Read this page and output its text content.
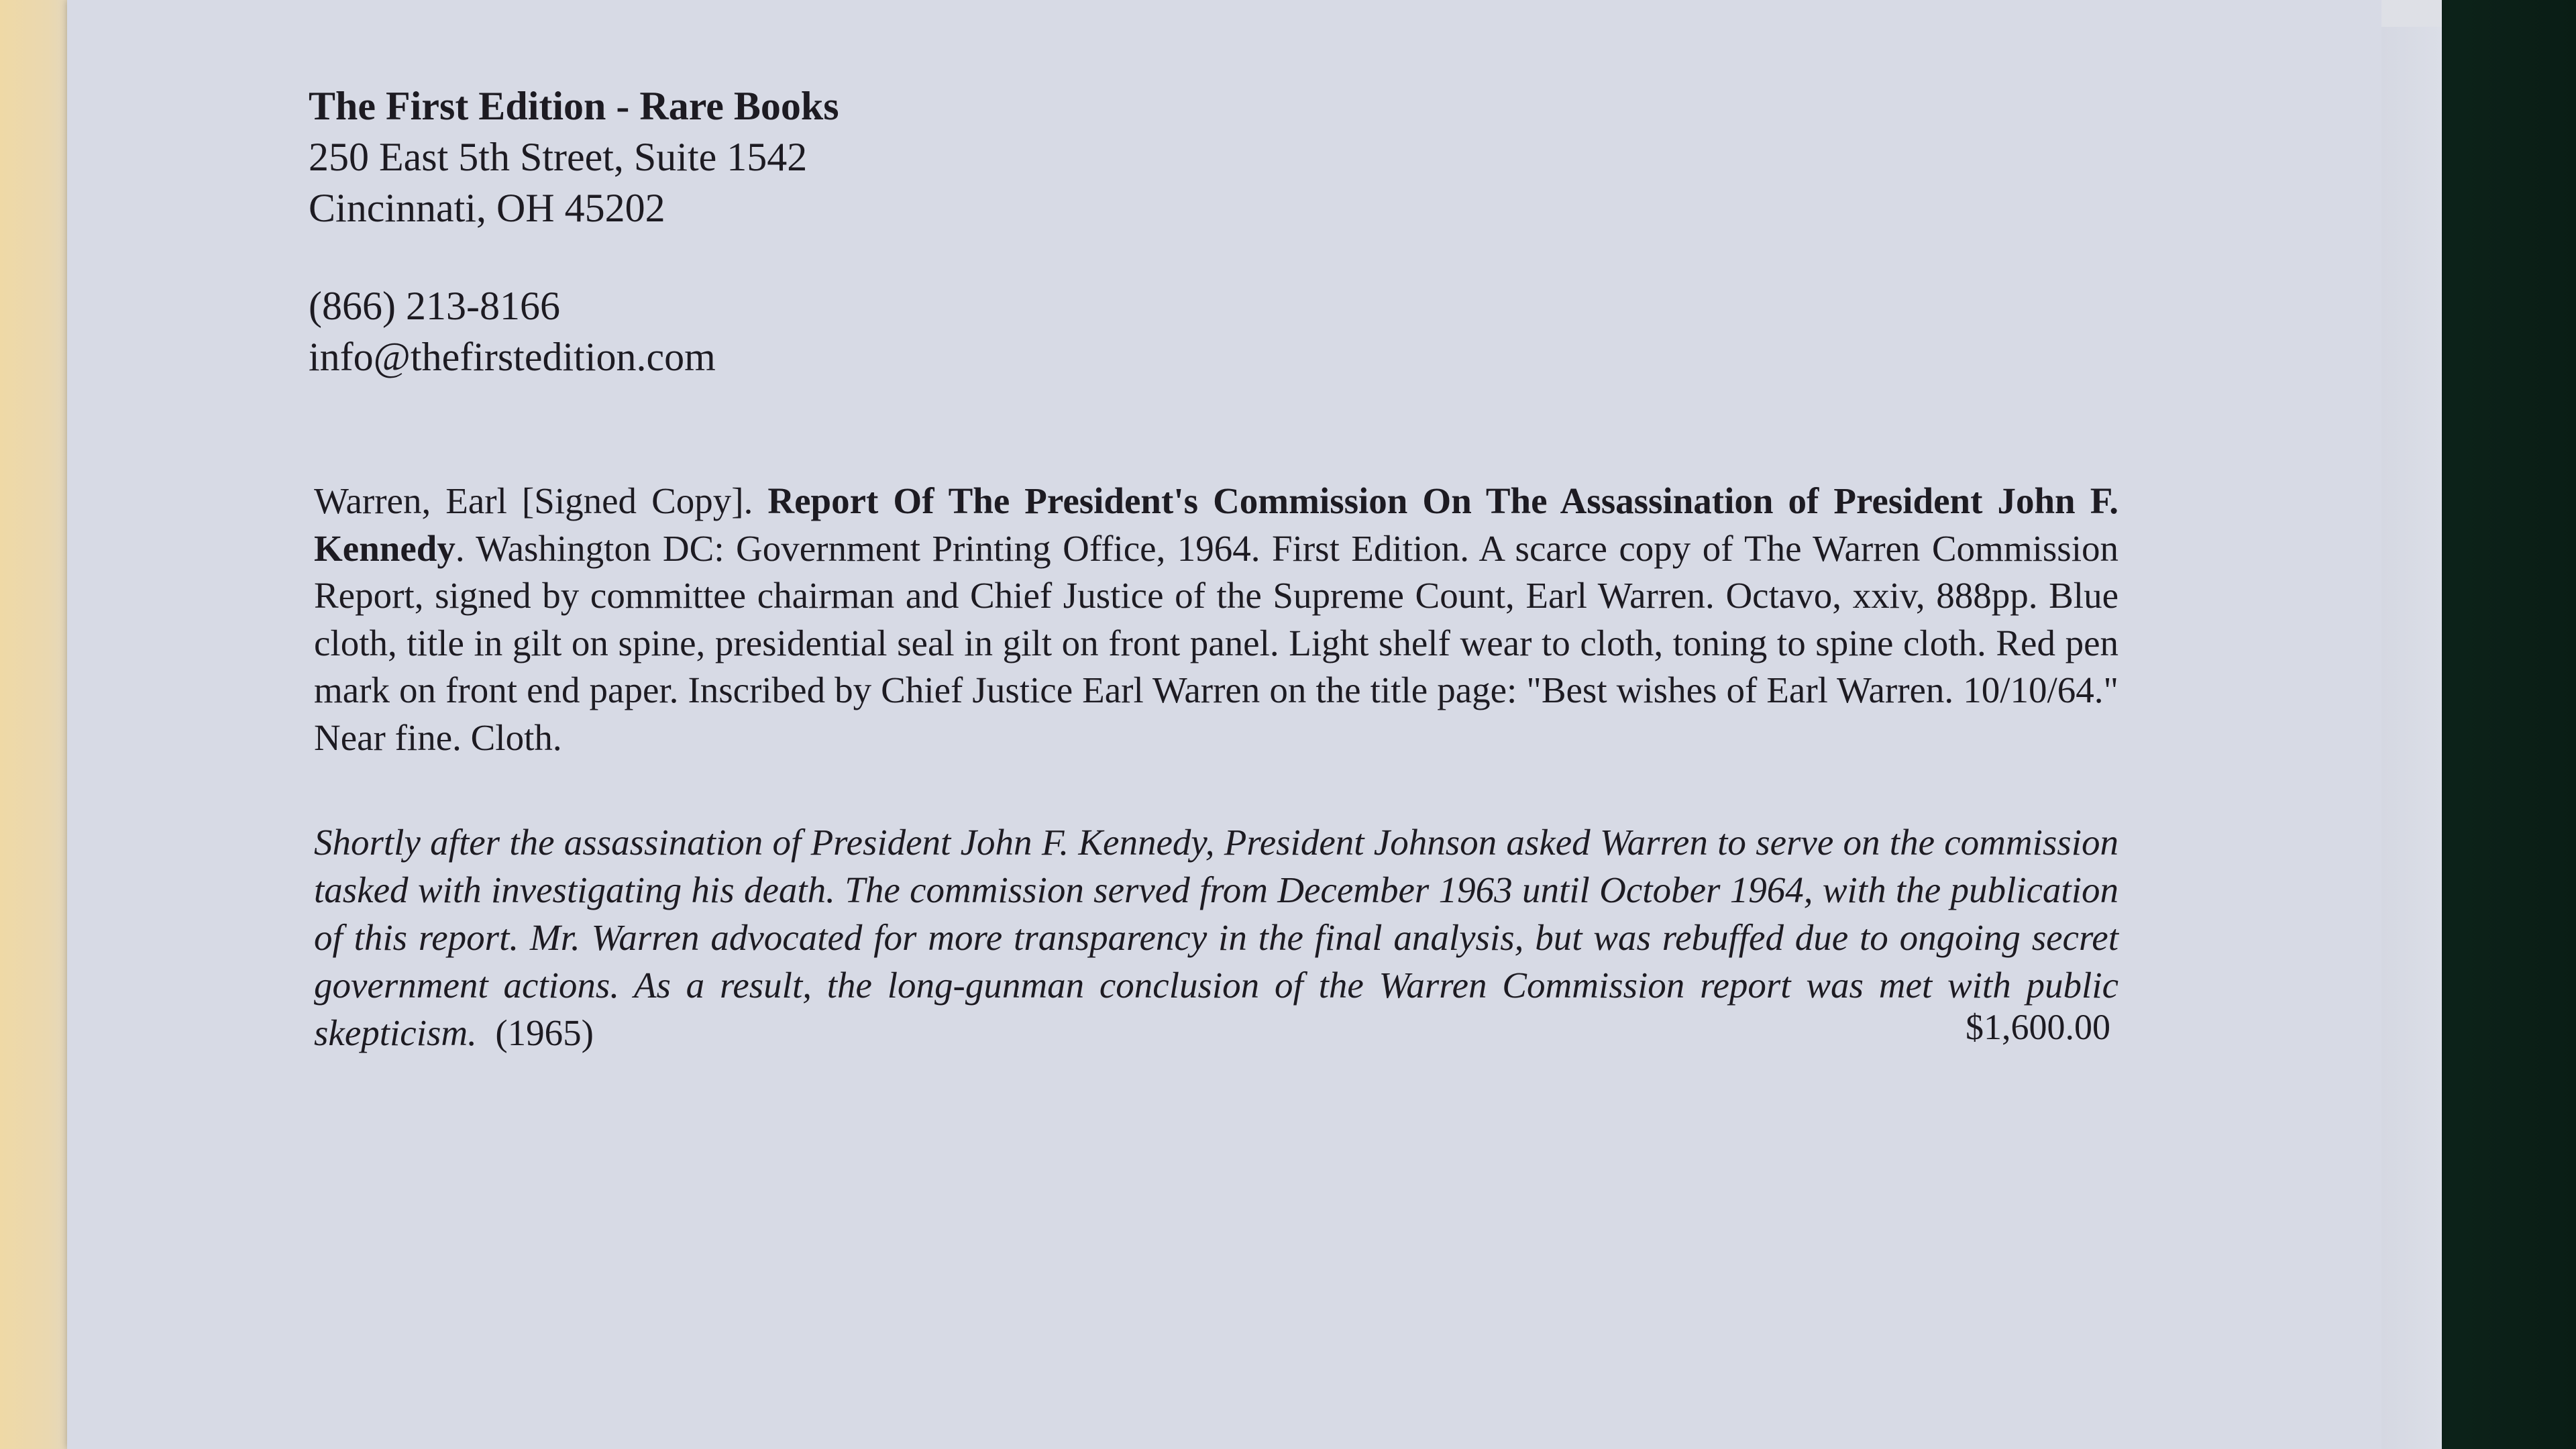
The First Edition - Rare Books
250 East 5th Street, Suite 1542
Cincinnati, OH 45202
(866) 213-8166
info@thefirstedition.com
Warren, Earl [Signed Copy]. Report Of The President's Commission On The Assassination of President John F. Kennedy. Washington DC: Government Printing Office, 1964. First Edition. A scarce copy of The Warren Commission Report, signed by committee chairman and Chief Justice of the Supreme Count, Earl Warren. Octavo, xxiv, 888pp. Blue cloth, title in gilt on spine, presidential seal in gilt on front panel. Light shelf wear to cloth, toning to spine cloth. Red pen mark on front end paper. Inscribed by Chief Justice Earl Warren on the title page: "Best wishes of Earl Warren. 10/10/64." Near fine. Cloth.
Shortly after the assassination of President John F. Kennedy, President Johnson asked Warren to serve on the commission tasked with investigating his death. The commission served from December 1963 until October 1964, with the publication of this report. Mr. Warren advocated for more transparency in the final analysis, but was rebuffed due to ongoing secret government actions. As a result, the long-gunman conclusion of the Warren Commission report was met with public skepticism. (1965)	$1,600.00
